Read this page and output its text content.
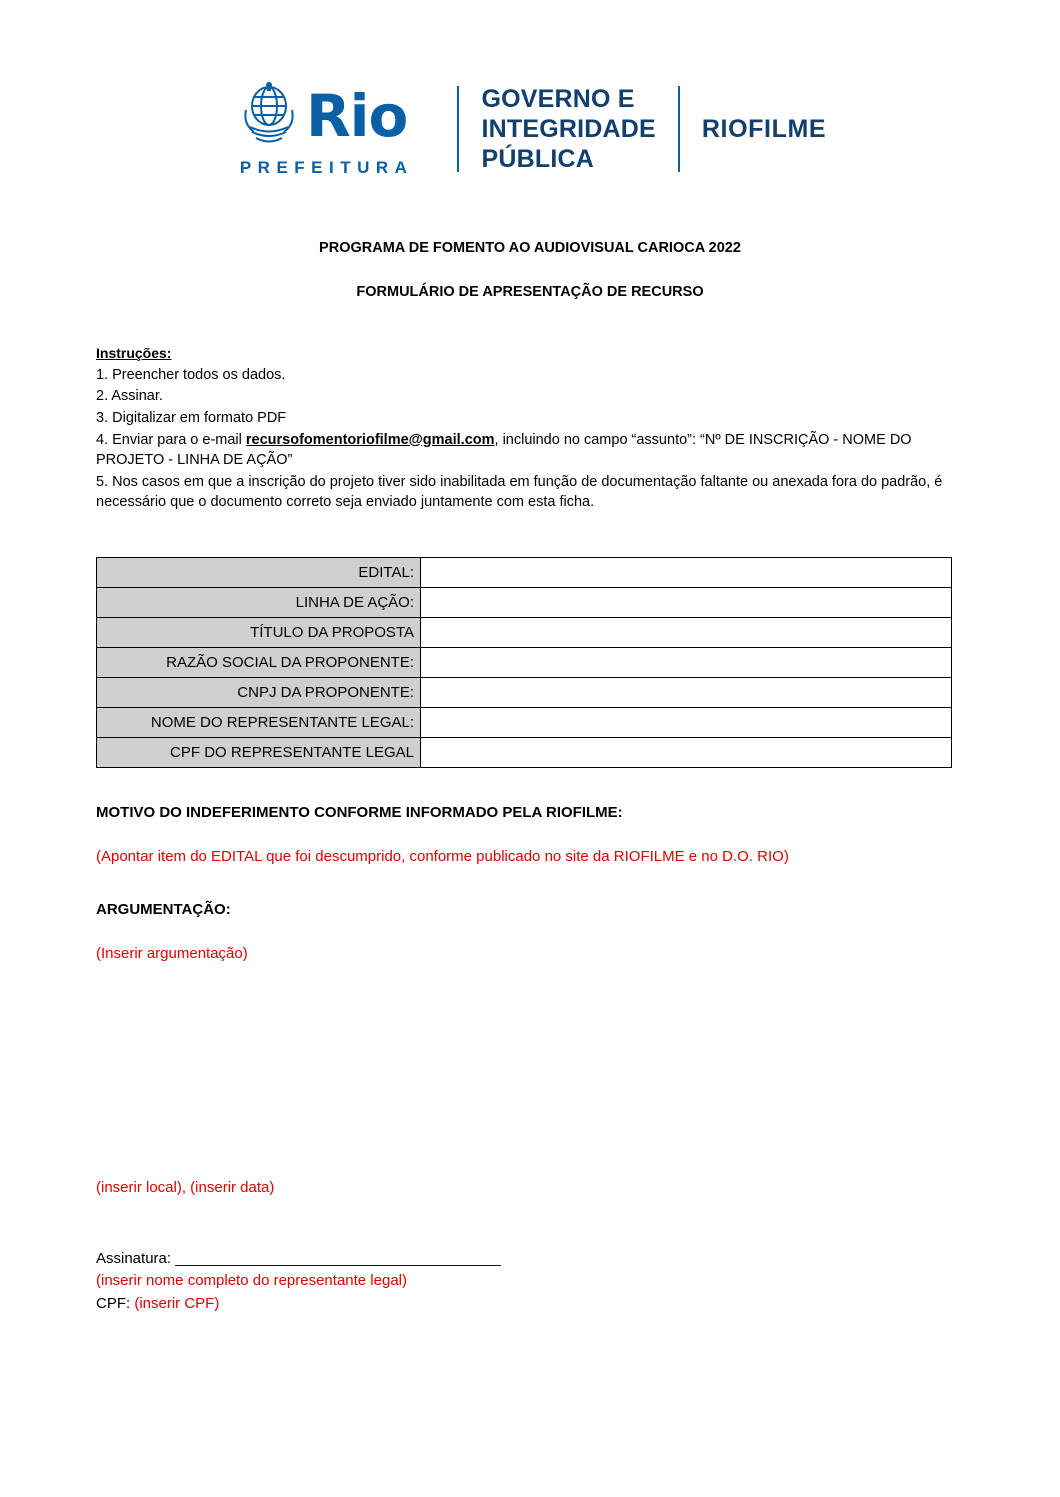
Rio
PREFEITURA
GOVERNO E
INTEGRIDADE
PÚBLICA
RIOFILME
PROGRAMA DE FOMENTO AO AUDIOVISUAL CARIOCA 2022
FORMULÁRIO DE APRESENTAÇÃO DE RECURSO
Instruções:
1. Preencher todos os dados.
2. Assinar.
3. Digitalizar em formato PDF
4. Enviar para o e-mail recursofomentoriofilme@gmail.com, incluindo no campo “assunto”: “Nº DE INSCRIÇÃO - NOME DO PROJETO - LINHA DE AÇÃO”
5. Nos casos em que a inscrição do projeto tiver sido inabilitada em função de documentação faltante ou anexada fora do padrão, é necessário que o documento correto seja enviado juntamente com esta ficha.
EDITAL:	
LINHA DE AÇÃO:	
TÍTULO DA PROPOSTA	
RAZÃO SOCIAL DA PROPONENTE:	
CNPJ DA PROPONENTE:	
NOME DO REPRESENTANTE LEGAL:	
CPF DO REPRESENTANTE LEGAL	
MOTIVO DO INDEFERIMENTO CONFORME INFORMADO PELA RIOFILME:
(Apontar item do EDITAL que foi descumprido, conforme publicado no site da RIOFILME e no D.O. RIO)
ARGUMENTAÇÃO:
(Inserir argumentação)
(inserir local), (inserir data)
Assinatura: _______________________________________
(inserir nome completo do representante legal)
CPF: (inserir CPF)
